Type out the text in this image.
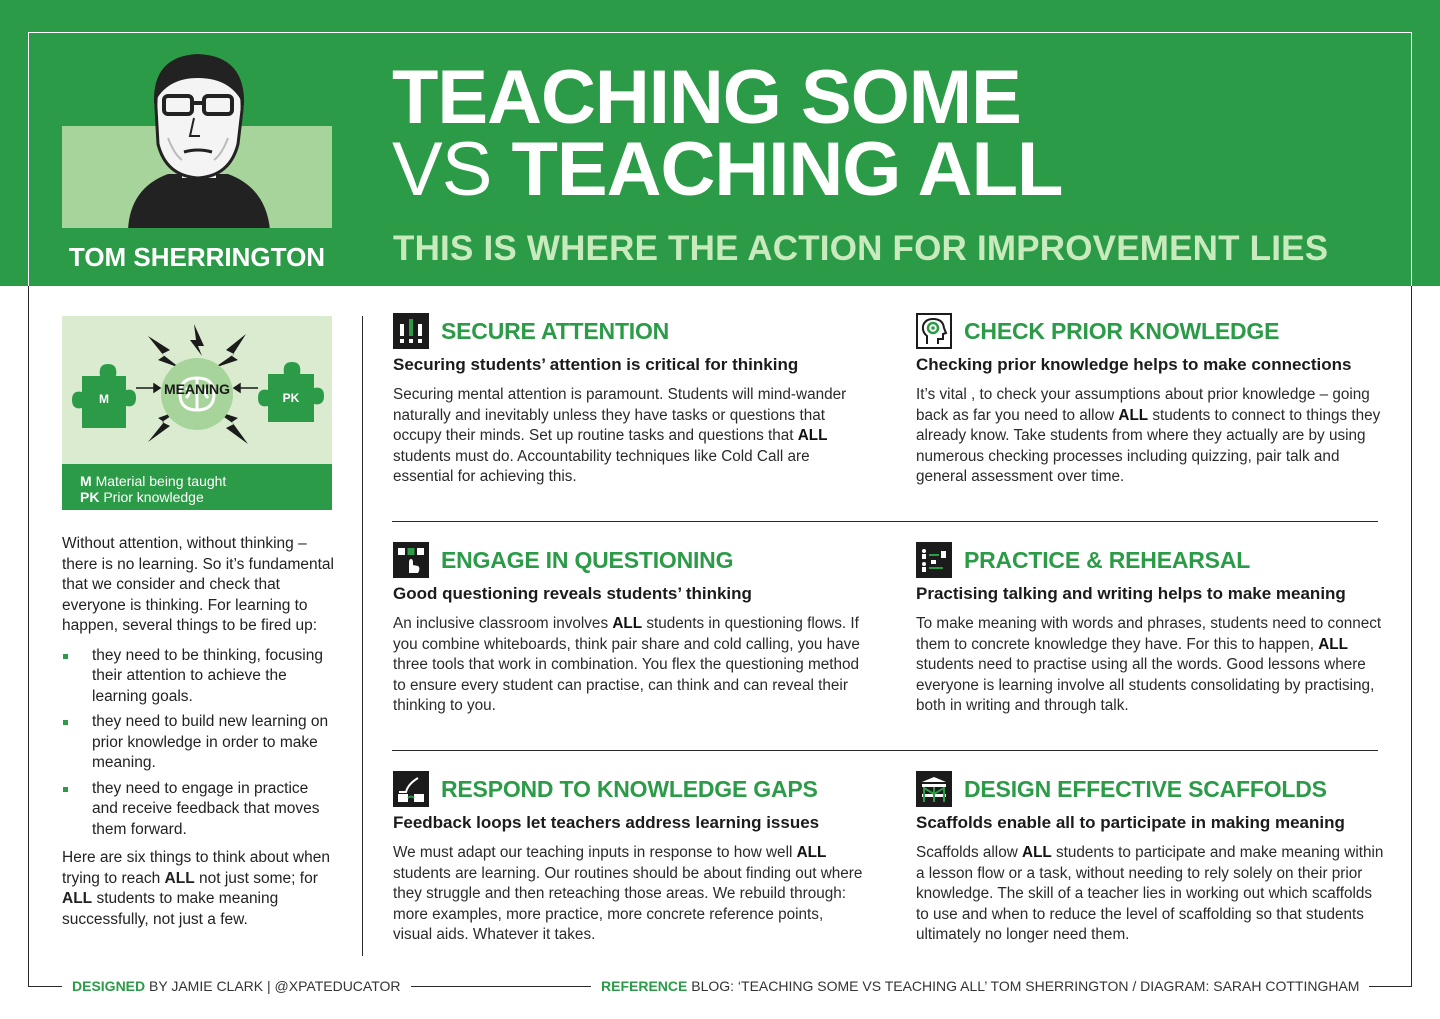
TOM SHERRINGTON
TEACHING SOME
VS TEACHING ALL
THIS IS WHERE THE ACTION FOR IMPROVEMENT LIES
M	PK
MEANING
M Material being taught
PK Prior knowledge

Without attention, without thinking – there is no learning. So it’s fundamental that we consider and check that everyone is thinking. For learning to happen, several things to be fired up:

they need to be thinking, focusing their attention to achieve the learning goals.
they need to build new learning on prior knowledge in order to make meaning.
they need to engage in practice and receive feedback that moves them forward.

Here are six things to think about when trying to reach ALL not just some; for ALL students to make meaning successfully, not just a few.

SECURE ATTENTION
Securing students’ attention is critical for thinking
Securing mental attention is paramount. Students will mind-wander naturally and inevitably unless they have tasks or questions that occupy their minds. Set up routine tasks and questions that ALL students must do. Accountability techniques like Cold Call are essential for achieving this.
CHECK PRIOR KNOWLEDGE
Checking prior knowledge helps to make connections
It’s vital , to check your assumptions about prior knowledge – going back as far you need to allow ALL students to connect to things they already know. Take students from where they actually are by using numerous checking processes including quizzing, pair talk and general assessment over time.
ENGAGE IN QUESTIONING
Good questioning reveals students’ thinking
An inclusive classroom involves ALL students in questioning flows. If you combine whiteboards, think pair share and cold calling, you have three tools that work in combination. You flex the questioning method to ensure every student can practise, can think and can reveal their thinking to you.
PRACTICE & REHEARSAL
Practising talking and writing helps to make meaning
To make meaning with words and phrases, students need to connect them to concrete knowledge they have. For this to happen, ALL students need to practise using all the words. Good lessons where everyone is learning involve all students consolidating by practising, both in writing and through talk.
RESPOND TO KNOWLEDGE GAPS
Feedback loops let teachers address learning issues
We must adapt our teaching inputs in response to how well ALL students are learning. Our routines should be about finding out where they struggle and then reteaching those areas. We rebuild through: more examples, more practice, more concrete reference points, visual aids. Whatever it takes.
DESIGN EFFECTIVE SCAFFOLDS
Scaffolds enable all to participate in making meaning
Scaffolds allow ALL students to participate and make meaning within a lesson flow or a task, without needing to rely solely on their prior knowledge. The skill of a teacher lies in working out which scaffolds to use and when to reduce the level of scaffolding so that students ultimately no longer need them.
DESIGNED BY JAMIE CLARK | @XPATEDUCATOR	REFERENCE BLOG: ‘TEACHING SOME VS TEACHING ALL’ TOM SHERRINGTON / DIAGRAM: SARAH COTTINGHAM
